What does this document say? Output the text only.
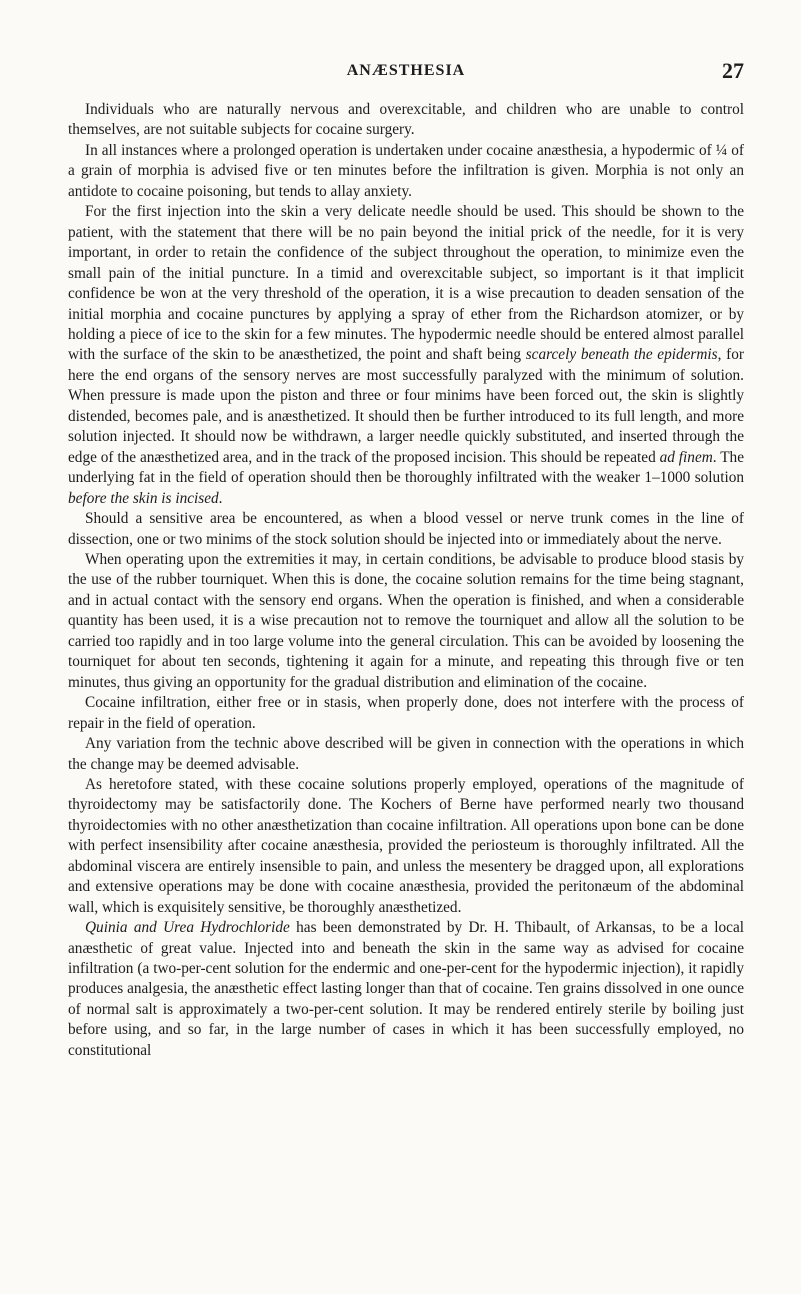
ANÆSTHESIA	27

Individuals who are naturally nervous and overexcitable, and children who are unable to control themselves, are not suitable subjects for cocaine surgery.

In all instances where a prolonged operation is undertaken under cocaine anæsthesia, a hypodermic of ¼ of a grain of morphia is advised five or ten minutes before the infiltration is given. Morphia is not only an antidote to cocaine poisoning, but tends to allay anxiety.

For the first injection into the skin a very delicate needle should be used. This should be shown to the patient, with the statement that there will be no pain beyond the initial prick of the needle, for it is very important, in order to retain the confidence of the subject throughout the operation, to minimize even the small pain of the initial puncture. In a timid and overexcitable subject, so important is it that implicit confidence be won at the very threshold of the operation, it is a wise precaution to deaden sensation of the initial morphia and cocaine punctures by applying a spray of ether from the Richardson atomizer, or by holding a piece of ice to the skin for a few minutes. The hypodermic needle should be entered almost parallel with the surface of the skin to be anæsthetized, the point and shaft being scarcely beneath the epidermis, for here the end organs of the sensory nerves are most successfully paralyzed with the minimum of solution. When pressure is made upon the piston and three or four minims have been forced out, the skin is slightly distended, becomes pale, and is anæsthetized. It should then be further introduced to its full length, and more solution injected. It should now be withdrawn, a larger needle quickly substituted, and inserted through the edge of the anæsthetized area, and in the track of the proposed incision. This should be repeated ad finem. The underlying fat in the field of operation should then be thoroughly infiltrated with the weaker 1–1000 solution before the skin is incised.

Should a sensitive area be encountered, as when a blood vessel or nerve trunk comes in the line of dissection, one or two minims of the stock solution should be injected into or immediately about the nerve.

When operating upon the extremities it may, in certain conditions, be advisable to produce blood stasis by the use of the rubber tourniquet. When this is done, the cocaine solution remains for the time being stagnant, and in actual contact with the sensory end organs. When the operation is finished, and when a considerable quantity has been used, it is a wise precaution not to remove the tourniquet and allow all the solution to be carried too rapidly and in too large volume into the general circulation. This can be avoided by loosening the tourniquet for about ten seconds, tightening it again for a minute, and repeating this through five or ten minutes, thus giving an opportunity for the gradual distribution and elimination of the cocaine.

Cocaine infiltration, either free or in stasis, when properly done, does not interfere with the process of repair in the field of operation.

Any variation from the technic above described will be given in connection with the operations in which the change may be deemed advisable.

As heretofore stated, with these cocaine solutions properly employed, operations of the magnitude of thyroidectomy may be satisfactorily done. The Kochers of Berne have performed nearly two thousand thyroidectomies with no other anæsthetization than cocaine infiltration. All operations upon bone can be done with perfect insensibility after cocaine anæsthesia, provided the periosteum is thoroughly infiltrated. All the abdominal viscera are entirely insensible to pain, and unless the mesentery be dragged upon, all explorations and extensive operations may be done with cocaine anæsthesia, provided the peritonæum of the abdominal wall, which is exquisitely sensitive, be thoroughly anæsthetized.

Quinia and Urea Hydrochloride has been demonstrated by Dr. H. Thibault, of Arkansas, to be a local anæsthetic of great value. Injected into and beneath the skin in the same way as advised for cocaine infiltration (a two-per-cent solution for the endermic and one-per-cent for the hypodermic injection), it rapidly produces analgesia, the anæsthetic effect lasting longer than that of cocaine. Ten grains dissolved in one ounce of normal salt is approximately a two-per-cent solution. It may be rendered entirely sterile by boiling just before using, and so far, in the large number of cases in which it has been successfully employed, no constitutional
